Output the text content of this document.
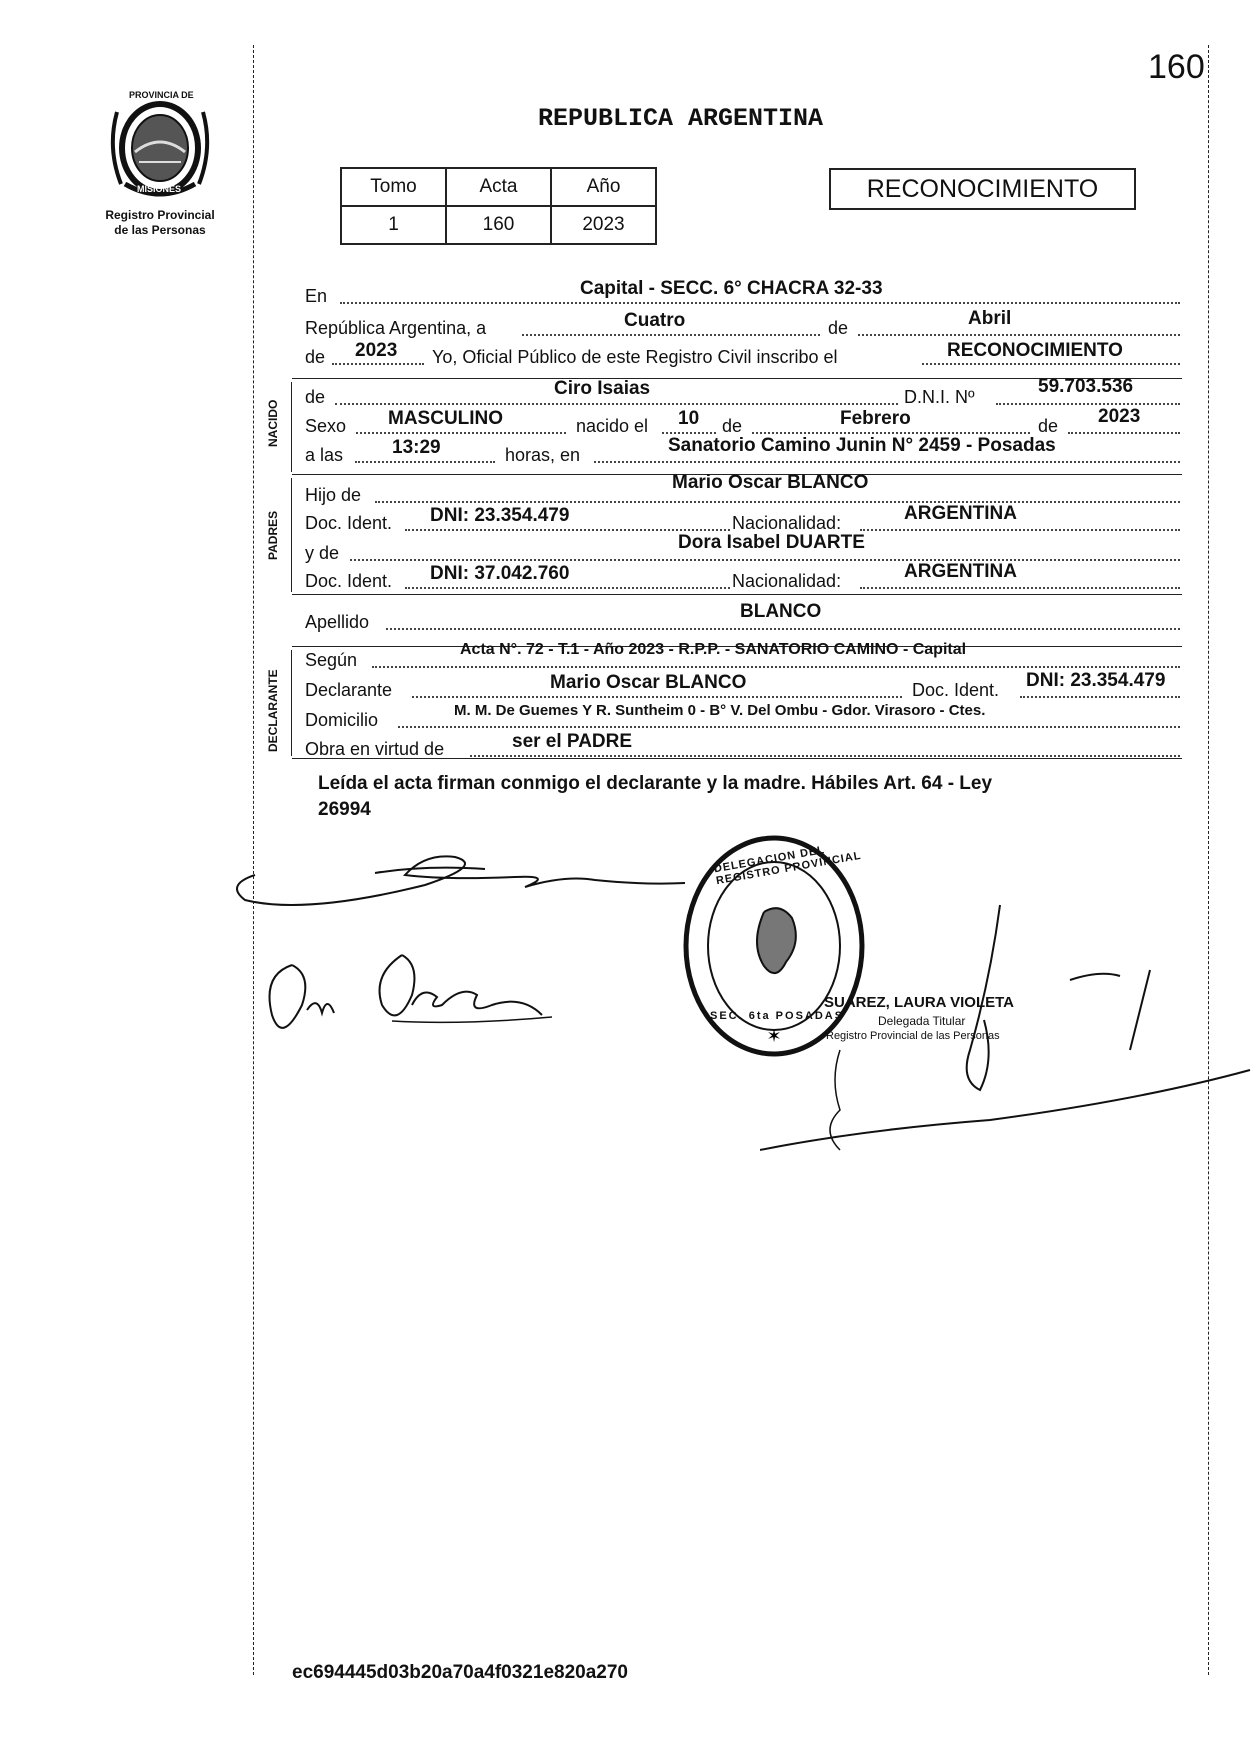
160
PROVINCIA DE
MISIONES
Registro Provincial
de las Personas
REPUBLICA ARGENTINA
Tomo	Acta	Año
1	160	2023
RECONOCIMIENTO
NACIDO
PADRES
DECLARANTE
En	Capital - SECC. 6° CHACRA 32-33
República Argentina, a	Cuatro	de	Abril
de 2023 Yo, Oficial Público de este Registro Civil inscribo el	RECONOCIMIENTO
de	Ciro Isaias	D.N.I. Nº	59.703.536
Sexo MASCULINO	nacido el 10 de	Febrero	de 2023
a las	13:29	horas, en	Sanatorio Camino Junin N° 2459 - Posadas
Hijo de
Mario Oscar BLANCO
Doc. Ident. DNI: 23.354.479	Nacionalidad:	ARGENTINA
y de	Dora Isabel DUARTE
Doc. Ident. DNI: 37.042.760	Nacionalidad:	ARGENTINA
Apellido	BLANCO
Según
Acta N°. 72 - T.1 - Año 2023 - R.P.P. - SANATORIO CAMINO - Capital
Declarante	Mario Oscar BLANCO	Doc. Ident. DNI: 23.354.479
Domicilio	M. M. De Guemes Y R. Suntheim 0 - B° V. Del Ombu - Gdor. Virasoro - Ctes.
Obra en virtud de	ser el PADRE
Leída el acta firman conmigo el declarante y la madre. Hábiles Art. 64 - Ley
26994
✶
DELEGACION DEL REGISTRO PROVINCIAL
SEC. 6ta POSADAS
SUAREZ, LAURA VIOLETA
Delegada Titular
Registro Provincial de las Personas
ec694445d03b20a70a4f0321e820a270
